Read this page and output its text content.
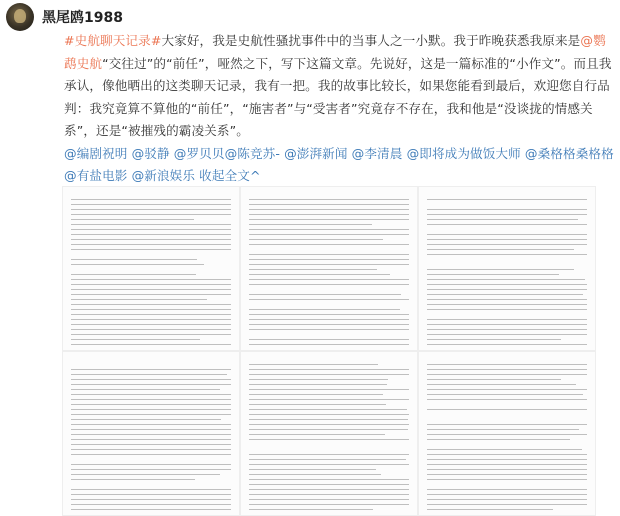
黑尾鸥1988
#史航聊天记录#大家好，我是史航性骚扰事件中的当事人之一小默。我于昨晚获悉我原来是@鹦鹉史航“交往过”的“前任”，哑然之下，写下这篇文章。先说好，这是一篇标准的“小作文”。而且我承认，像他晒出的这类聊天记录，我有一把。我的故事比较长，如果您能看到最后，欢迎您自行品判：我究竟算不算他的“前任”，“施害者”与“受害者”究竟存不存在，我和他是“没谈拢的情感关系”，还是“被摧残的霸凌关系”。
@编剧祝明 @驳静 @罗贝贝@陈竞苏- @澎湃新闻 @李清晨 @即将成为做饭大师 @桑格格桑格格 @有盐电影 @新浪娱乐 收起全文^
